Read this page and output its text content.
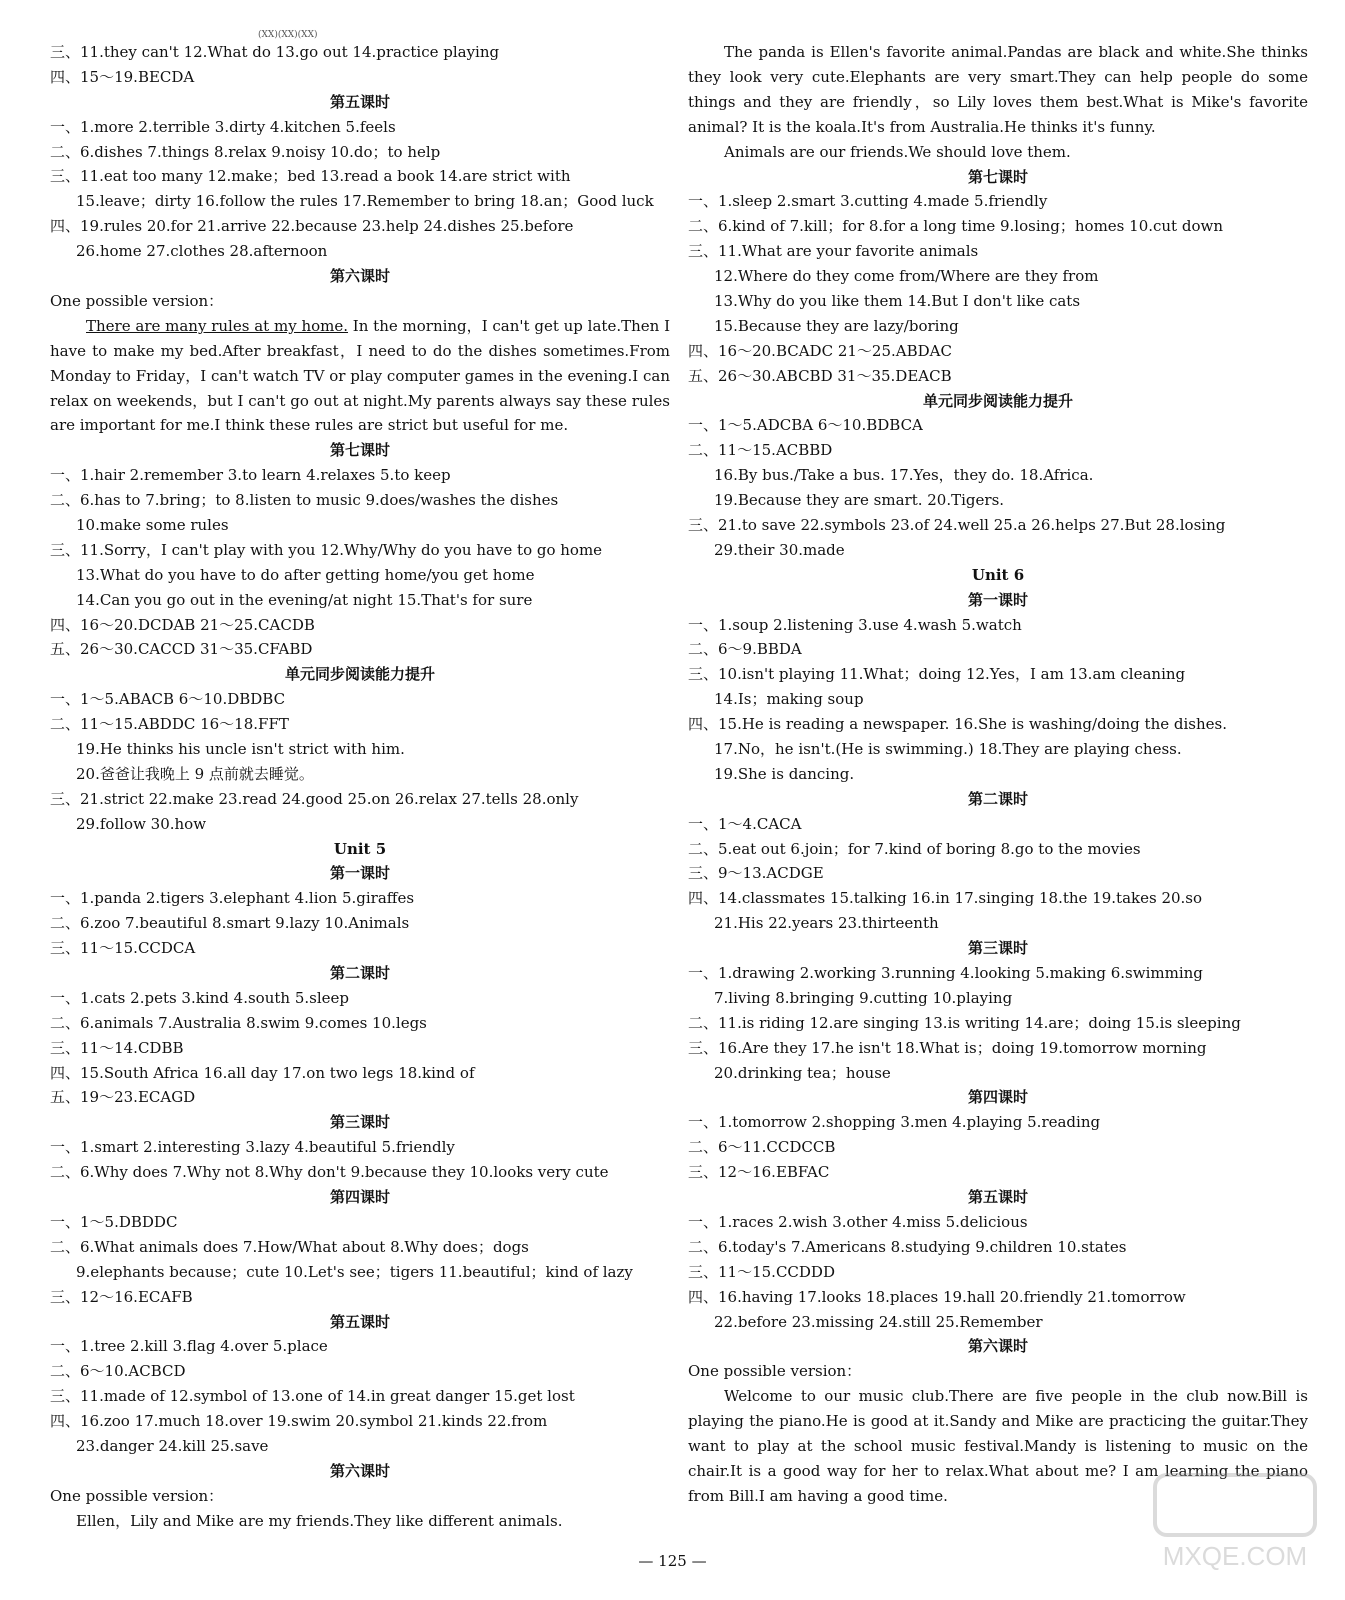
(XX)(XX)(XX)
三、11.they can't 12.What do 13.go out 14.practice playing
四、15～19.BECDA
第五课时
一、1.more 2.terrible 3.dirty 4.kitchen 5.feels
二、6.dishes 7.things 8.relax 9.noisy 10.do；to help
三、11.eat too many 12.make；bed 13.read a book 14.are strict with
15.leave；dirty 16.follow the rules 17.Remember to bring 18.an；Good luck
四、19.rules 20.for 21.arrive 22.because 23.help 24.dishes 25.before
26.home 27.clothes 28.afternoon
第六课时
One possible version：
There are many rules at my home. In the morning，I can't get up late.Then I have to make my bed.After breakfast，I need to do the dishes sometimes.From Monday to Friday，I can't watch TV or play computer games in the evening.I can relax on weekends，but I can't go out at night.My parents always say these rules are important for me.I think these rules are strict but useful for me.
第七课时
一、1.hair 2.remember 3.to learn 4.relaxes 5.to keep
二、6.has to 7.bring；to 8.listen to music 9.does/washes the dishes
10.make some rules
三、11.Sorry，I can't play with you 12.Why/Why do you have to go home
13.What do you have to do after getting home/you get home
14.Can you go out in the evening/at night 15.That's for sure
四、16～20.DCDAB 21～25.CACDB
五、26～30.CACCD 31～35.CFABD
单元同步阅读能力提升
一、1～5.ABACB 6～10.DBDBC
二、11～15.ABDDC 16～18.FFT
19.He thinks his uncle isn't strict with him.
20.爸爸让我晚上 9 点前就去睡觉。
三、21.strict 22.make 23.read 24.good 25.on 26.relax 27.tells 28.only
29.follow 30.how
Unit 5
第一课时
一、1.panda 2.tigers 3.elephant 4.lion 5.giraffes
二、6.zoo 7.beautiful 8.smart 9.lazy 10.Animals
三、11～15.CCDCA
第二课时
一、1.cats 2.pets 3.kind 4.south 5.sleep
二、6.animals 7.Australia 8.swim 9.comes 10.legs
三、11～14.CDBB
四、15.South Africa 16.all day 17.on two legs 18.kind of
五、19～23.ECAGD
第三课时
一、1.smart 2.interesting 3.lazy 4.beautiful 5.friendly
二、6.Why does 7.Why not 8.Why don't 9.because they 10.looks very cute
第四课时
一、1～5.DBDDC
二、6.What animals does 7.How/What about 8.Why does；dogs
9.elephants because；cute 10.Let's see；tigers 11.beautiful；kind of lazy
三、12～16.ECAFB
第五课时
一、1.tree 2.kill 3.flag 4.over 5.place
二、6～10.ACBCD
三、11.made of 12.symbol of 13.one of 14.in great danger 15.get lost
四、16.zoo 17.much 18.over 19.swim 20.symbol 21.kinds 22.from
23.danger 24.kill 25.save
第六课时
One possible version：
Ellen，Lily and Mike are my friends.They like different animals.
The panda is Ellen's favorite animal.Pandas are black and white.She thinks they look very cute.Elephants are very smart.They can help people do some things and they are friendly，so Lily loves them best.What is Mike's favorite animal? It is the koala.It's from Australia.He thinks it's funny.
Animals are our friends.We should love them.
第七课时
一、1.sleep 2.smart 3.cutting 4.made 5.friendly
二、6.kind of 7.kill；for 8.for a long time 9.losing；homes 10.cut down
三、11.What are your favorite animals
12.Where do they come from/Where are they from
13.Why do you like them 14.But I don't like cats
15.Because they are lazy/boring
四、16～20.BCADC 21～25.ABDAC
五、26～30.ABCBD 31～35.DEACB
单元同步阅读能力提升
一、1～5.ADCBA 6～10.BDBCA
二、11～15.ACBBD
16.By bus./Take a bus. 17.Yes，they do. 18.Africa.
19.Because they are smart. 20.Tigers.
三、21.to save 22.symbols 23.of 24.well 25.a 26.helps 27.But 28.losing
29.their 30.made
Unit 6
第一课时
一、1.soup 2.listening 3.use 4.wash 5.watch
二、6～9.BBDA
三、10.isn't playing 11.What；doing 12.Yes，I am 13.am cleaning
14.Is；making soup
四、15.He is reading a newspaper. 16.She is washing/doing the dishes.
17.No，he isn't.(He is swimming.) 18.They are playing chess.
19.She is dancing.
第二课时
一、1～4.CACA
二、5.eat out 6.join；for 7.kind of boring 8.go to the movies
三、9～13.ACDGE
四、14.classmates 15.talking 16.in 17.singing 18.the 19.takes 20.so
21.His 22.years 23.thirteenth
第三课时
一、1.drawing 2.working 3.running 4.looking 5.making 6.swimming
7.living 8.bringing 9.cutting 10.playing
二、11.is riding 12.are singing 13.is writing 14.are；doing 15.is sleeping
三、16.Are they 17.he isn't 18.What is；doing 19.tomorrow morning
20.drinking tea；house
第四课时
一、1.tomorrow 2.shopping 3.men 4.playing 5.reading
二、6～11.CCDCCB
三、12～16.EBFAC
第五课时
一、1.races 2.wish 3.other 4.miss 5.delicious
二、6.today's 7.Americans 8.studying 9.children 10.states
三、11～15.CCDDD
四、16.having 17.looks 18.places 19.hall 20.friendly 21.tomorrow
22.before 23.missing 24.still 25.Remember
第六课时
One possible version：
Welcome to our music club.There are five people in the club now.Bill is playing the piano.He is good at it.Sandy and Mike are practicing the guitar.They want to play at the school music festival.Mandy is listening to music on the chair.It is a good way for her to relax.What about me? I am learning the piano from Bill.I am having a good time.
— 125 —	MXQE.COM
